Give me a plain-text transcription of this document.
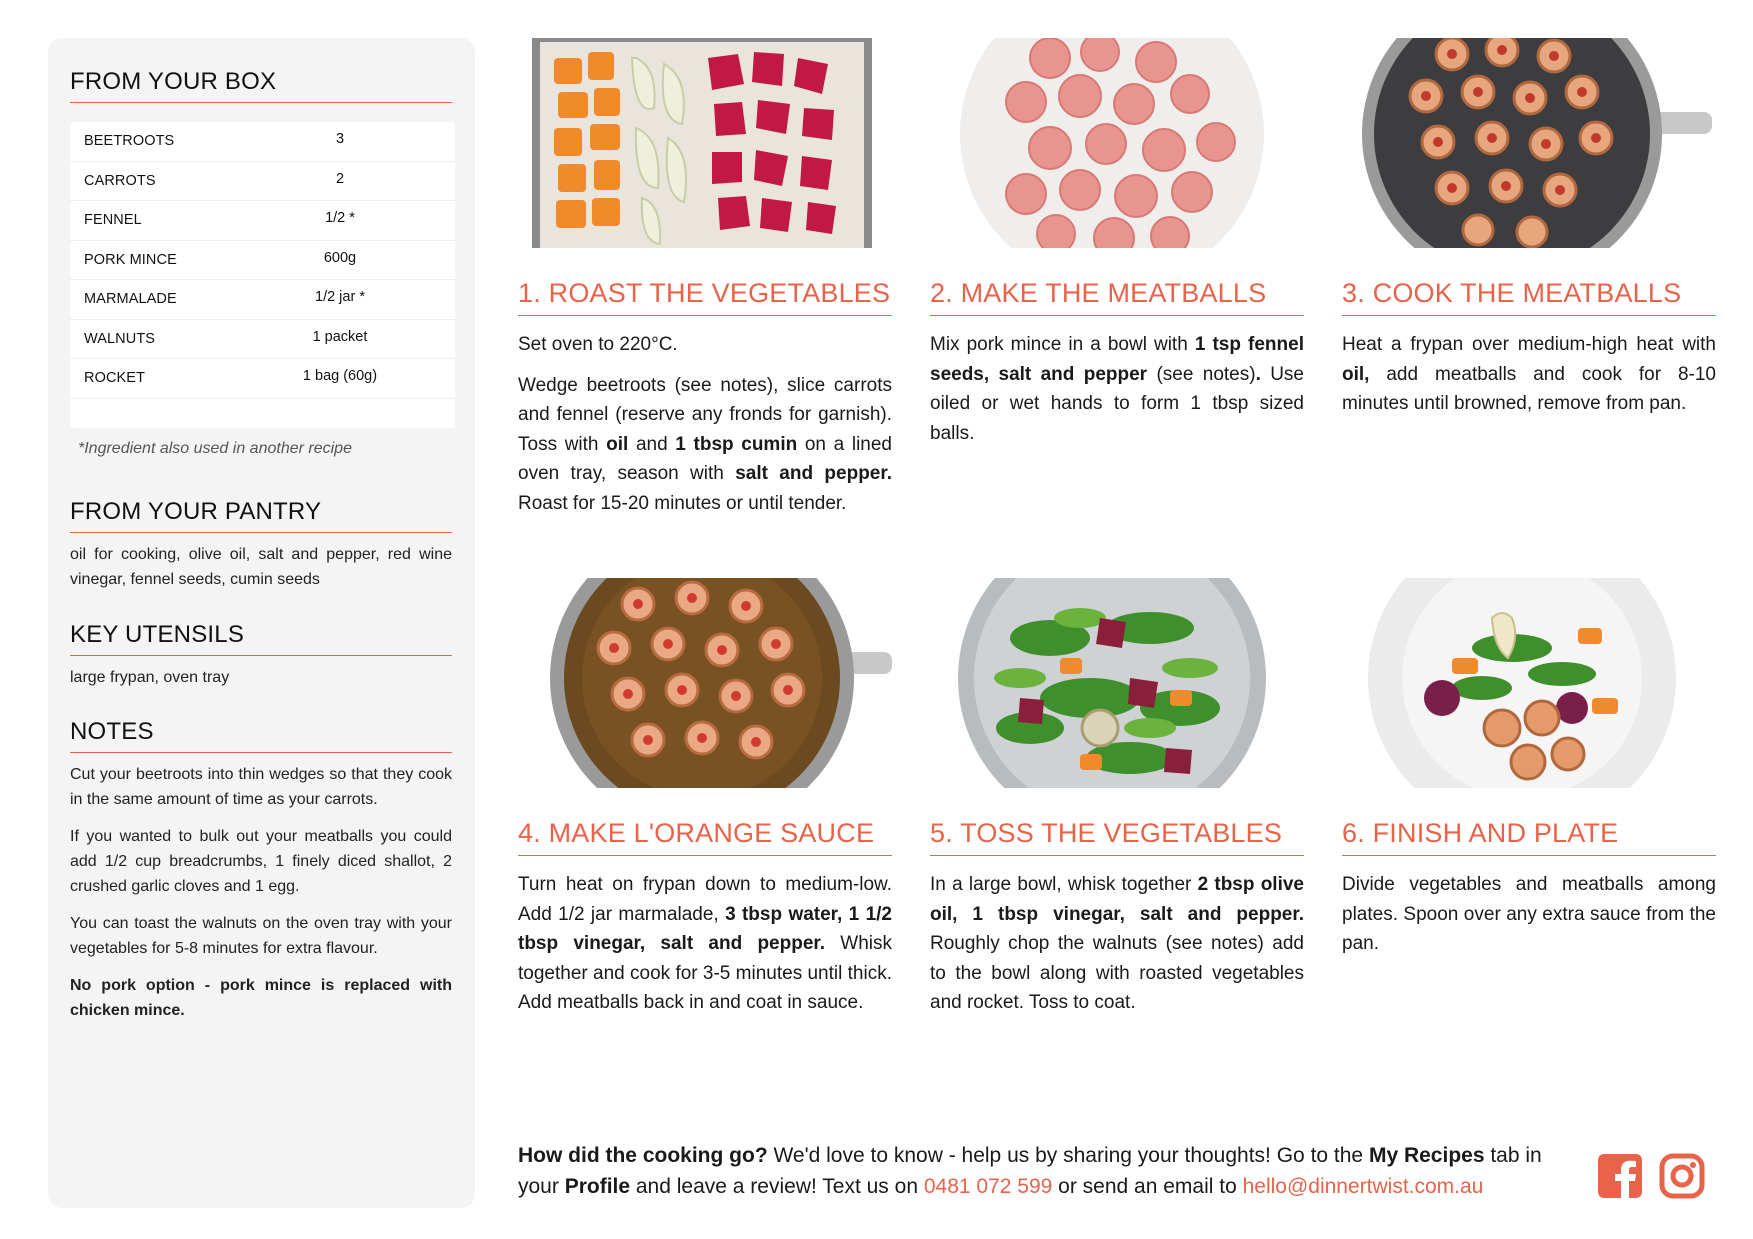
FROM YOUR BOX
BEETROOTS	3
CARROTS	2
FENNEL	1/2 *
PORK MINCE	600g
MARMALADE	1/2 jar *
WALNUTS	1 packet
ROCKET	1 bag (60g)
*Ingredient also used in another recipe
FROM YOUR PANTRY

oil for cooking, olive oil, salt and pepper, red wine vinegar, fennel seeds, cumin seeds

KEY UTENSILS

large frypan, oven tray

NOTES

Cut your beetroots into thin wedges so that they cook in the same amount of time as your carrots.

If you wanted to bulk out your meatballs you could add 1/2 cup breadcrumbs, 1 finely diced shallot, 2 crushed garlic cloves and 1 egg.

You can toast the walnuts on the oven tray with your vegetables for 5-8 minutes for extra flavour.

No pork option - pork mince is replaced with chicken mince.

1. ROAST THE VEGETABLES

Set oven to 220°C.

Wedge beetroots (see notes), slice carrots and fennel (reserve any fronds for garnish). Toss with oil and 1 tbsp cumin on a lined oven tray, season with salt and pepper. Roast for 15-20 minutes or until tender.

2. MAKE THE MEATBALLS

Mix pork mince in a bowl with 1 tsp fennel seeds, salt and pepper (see notes). Use oiled or wet hands to form 1 tbsp sized balls.

3. COOK THE MEATBALLS

Heat a frypan over medium-high heat with oil, add meatballs and cook for 8-10 minutes until browned, remove from pan.

4. MAKE L'ORANGE SAUCE

Turn heat on frypan down to medium-low. Add 1/2 jar marmalade, 3 tbsp water, 1 1/2 tbsp vinegar, salt and pepper. Whisk together and cook for 3-5 minutes until thick. Add meatballs back in and coat in sauce.

5. TOSS THE VEGETABLES

In a large bowl, whisk together 2 tbsp olive oil, 1 tbsp vinegar, salt and pepper. Roughly chop the walnuts (see notes) add to the bowl along with roasted vegetables and rocket. Toss to coat.

6. FINISH AND PLATE

Divide vegetables and meatballs among plates. Spoon over any extra sauce from the pan.

How did the cooking go? We'd love to know - help us by sharing your thoughts! Go to the My Recipes tab in your Profile and leave a review! Text us on 0481 072 599 or send an email to hello@dinnertwist.com.au
